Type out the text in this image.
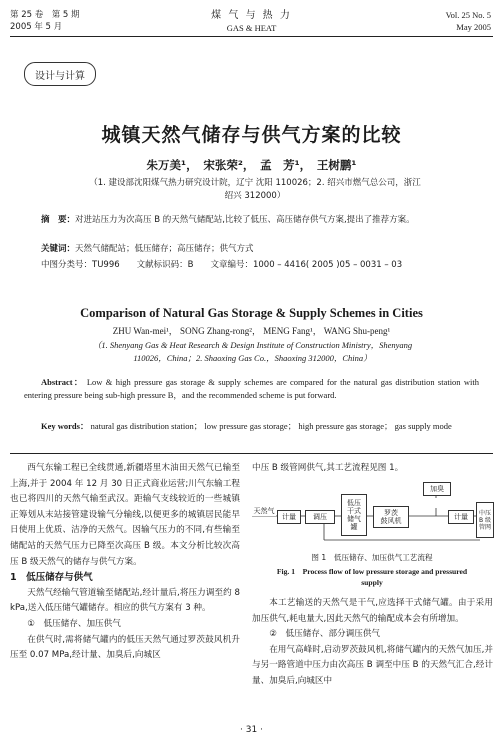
第 25 卷　第 5 期
2005 年 5 月
煤 气 与 热 力
GAS & HEAT
Vol. 25 No. 5
May 2005
设计与计算
城镇天然气储存与供气方案的比较
朱万美¹，　宋张荣²，　孟　芳¹，　王树鹏¹
（1. 建设部沈阳煤气热力研究设计院，辽宁 沈阳 110026；2. 绍兴市燃气总公司，浙江
绍兴 312000）
摘　要：对进站压力为次高压 B 的天然气储配站,比较了低压、高压储存供气方案,提出了推荐方案。
关键词：天然气储配站；低压储存；高压储存；供气方式
中图分类号：TU996　　文献标识码：B　　文章编号：1000 – 4416( 2005 )05 – 0031 – 03
Comparison of Natural Gas Storage & Supply Schemes in Cities
ZHU Wan-mei¹， SONG Zhang-rong²， MENG Fang¹， WANG Shu-peng¹
（1. Shenyang Gas & Heat Research & Design Institute of Construction Ministry，Shenyang
110026，China；2. Shaoxing Gas Co.，Shaoxing 312000，China）
Abstract： Low & high pressure gas storage & supply schemes are compared for the natural gas distribution station with entering pressure being sub-high pressure B，and the recommended scheme is put forward.
Key words： natural gas distribution station； low pressure gas storage； high pressure gas storage； gas supply mode

西气东输工程已全线贯通,新疆塔里木油田天然气已输至上海,并于 2004 年 12 月 30 日正式商业运营;川气东输工程也已将四川的天然气输至武汉。距输气支线较近的一些城镇正筹划从末站接管建设输气分输线,以便更多的城镇居民能早日使用上优质、洁净的天然气。因输气压力的不同,有些输至储配站的天然气压力已降至次高压 B 级。本文分析比较次高压 B 级天然气的储存与供气方案。

1　低压储存与供气

天然气经输气管道输至储配站,经计量后,将压力调至约 8 kPa,送入低压储气罐储存。相应的供气方案有 3 种。

①　低压储存、加压供气

在供气时,需将储气罐内的低压天然气通过罗茨鼓风机升压至 0.07 MPa,经计量、加臭后,向城区

中压 B 级管网供气,其工艺流程见图 1。

天然气
计量	调压
低压
干式
储气
罐
罗茨
鼓风机
加臭
计量	中压
B 级
管网
图 1　低压储存、加压供气工艺流程
Fig. 1　Process flow of low pressure storage and pressured
supply

本工艺输送的天然气是干气,应选择干式储气罐。由于采用加压供气,耗电量大,因此天然气的输配成本会有所增加。

②　低压储存、部分调压供气

在用气高峰时,启动罗茨鼓风机,将储气罐内的天然气加压,并与另一路管道中压力由次高压 B 调至中压 B 的天然气汇合,经计量、加臭后,向城区中

· 31 ·
